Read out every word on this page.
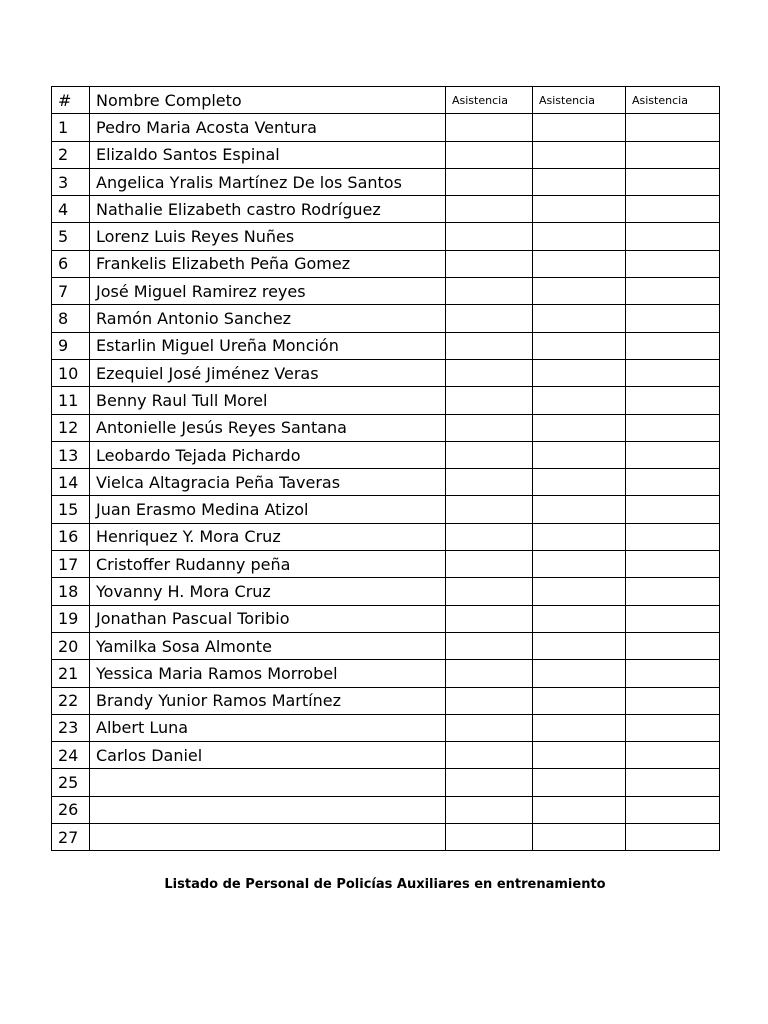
#	Nombre Completo	Asistencia	Asistencia	Asistencia
1	Pedro Maria Acosta Ventura			
2	Elizaldo Santos Espinal			
3	Angelica Yralis Martínez De los Santos			
4	Nathalie Elizabeth castro Rodríguez			
5	Lorenz Luis Reyes Nuñes			
6	Frankelis Elizabeth Peña Gomez			
7	José Miguel Ramirez reyes			
8	Ramón Antonio Sanchez			
9	Estarlin Miguel Ureña Monción			
10	Ezequiel José Jiménez Veras			
11	Benny Raul Tull Morel			
12	Antonielle Jesús Reyes Santana			
13	Leobardo Tejada Pichardo			
14	Vielca Altagracia Peña Taveras			
15	Juan Erasmo Medina Atizol			
16	Henriquez Y. Mora Cruz			
17	Cristoffer Rudanny peña			
18	Yovanny H. Mora Cruz			
19	Jonathan Pascual Toribio			
20	Yamilka Sosa Almonte			
21	Yessica Maria Ramos Morrobel			
22	Brandy Yunior Ramos Martínez			
23	Albert Luna			
24	Carlos Daniel			
25				
26				
27				
Listado de Personal de Policías Auxiliares en entrenamiento
